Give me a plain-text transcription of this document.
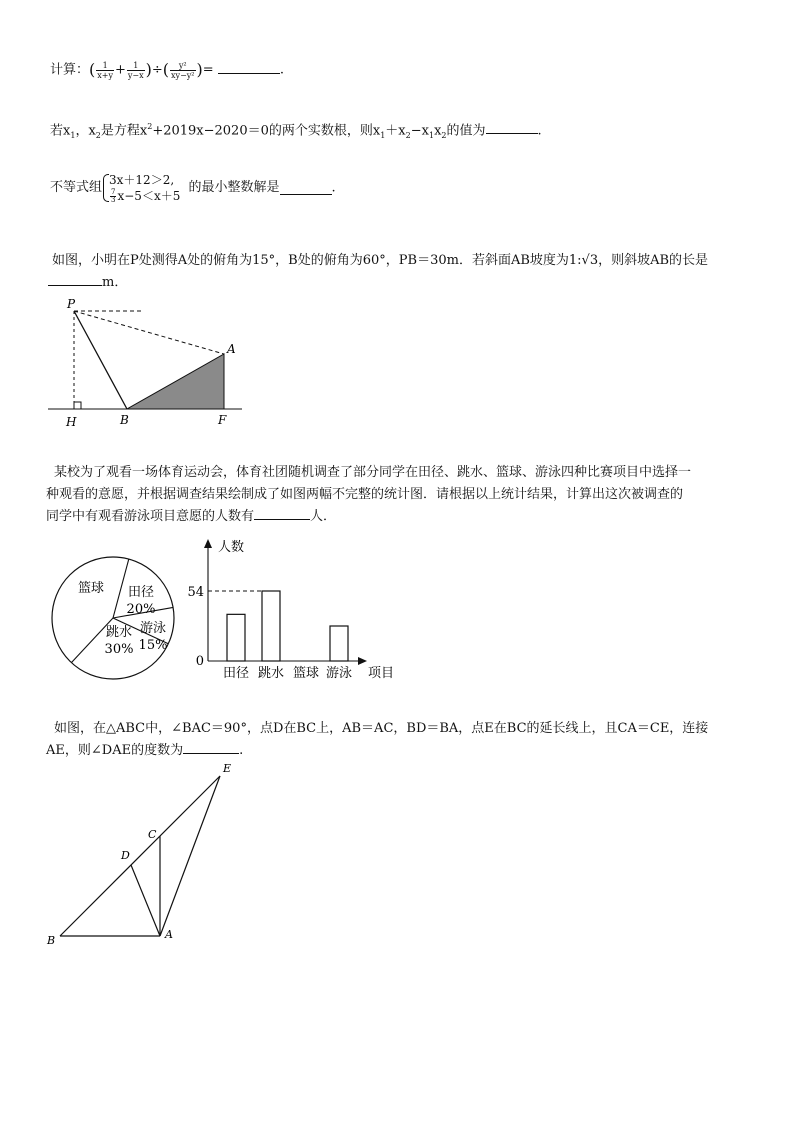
计算：( $\frac{1}{x+y} + \frac{1}{y-x}$ )÷( $\frac{\text{y²}}{\text{xy−y²}}$ )=	.
若$x_1$，$x_2$是方程$x^2+2019x-2020=0$的两个实数根，则$x_1+x_2-x_1x_2$的值为	.
不等式组 3x＋12＞2,
$\frac{7}{3} x-5<x+5$
的最小整数解是	.
如图，小明在P处测得A处的俯角为15°，B处的俯角为60°，PB＝30m．若斜面AB坡度为1:√3，则斜坡AB的长是
m．
P
A
H	B	F
某校为了观看一场体育运动会，体育社团随机调查了部分同学在田径、跳水、篮球、游泳四种比赛项目中选择一
种观看的意愿，并根据调查结果绘制成了如图两幅不完整的统计图．请根据以上统计结果，计算出这次被调查的
同学中有观看游泳项目意愿的人数有	人．
篮球 田径
20%
跳水
30%
游泳
15%
人数
项目
0
54
田径 跳水 篮球 游泳
如图，在△ABC中，∠BAC＝90°，点D在BC上，AB＝AC，BD＝BA，点E在BC的延长线上，且CA＝CE，连接
AE，则∠DAE的度数为	.
E
C
D
B	A
